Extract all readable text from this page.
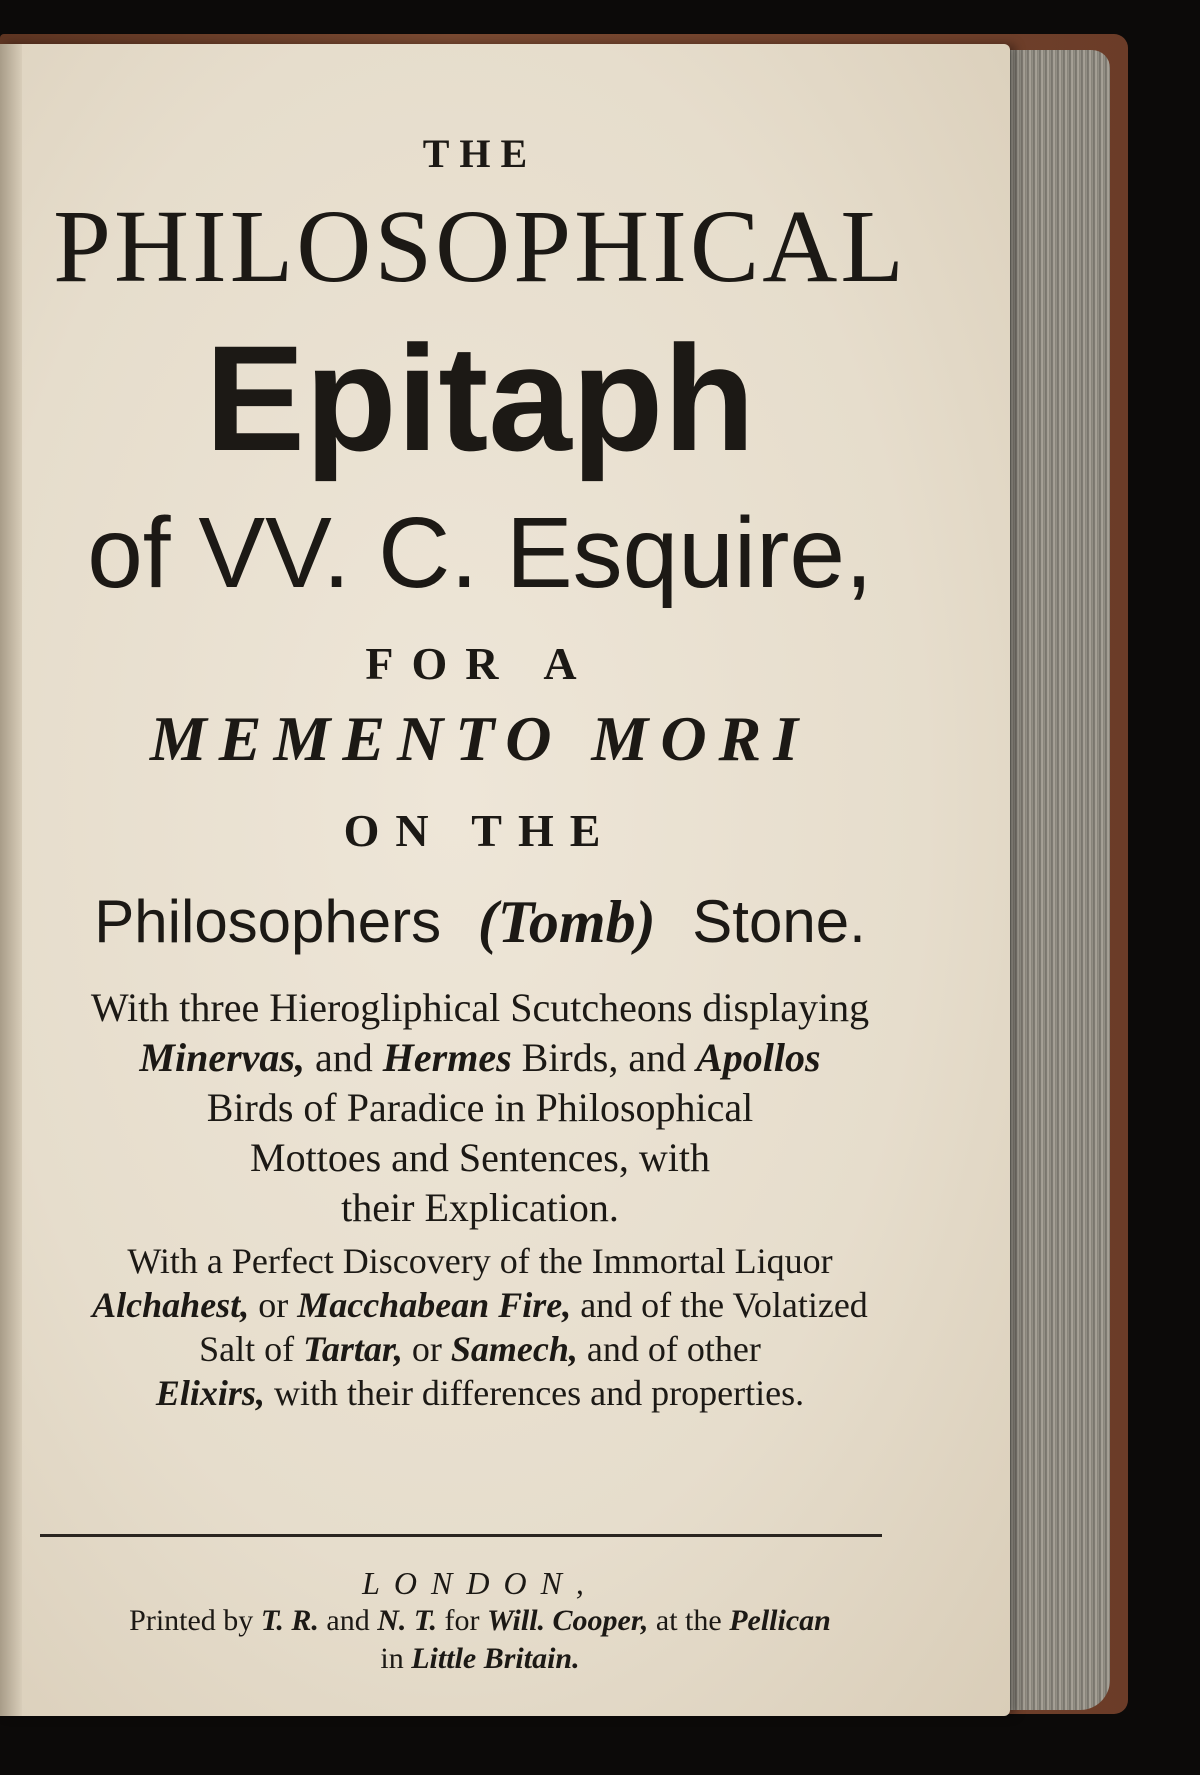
THE
PHILOSOPHICAL
Epitaph
of VV. C. Esquire,
FOR A
MEMENTO MORI
ON THE
Philosophers (Tomb) Stone.
With three Hierogliphical Scutcheons displaying
Minervas, and Hermes Birds, and Apollos
Birds of Paradice in Philosophical
Mottoes and Sentences, with
their Explication.
With a Perfect Discovery of the Immortal Liquor
Alchahest, or Macchabean Fire, and of the Volatized
Salt of Tartar, or Samech, and of other
Elixirs, with their differences and properties.
LONDON,
Printed by T. R. and N. T. for Will. Cooper, at the Pellican
in Little Britain.
